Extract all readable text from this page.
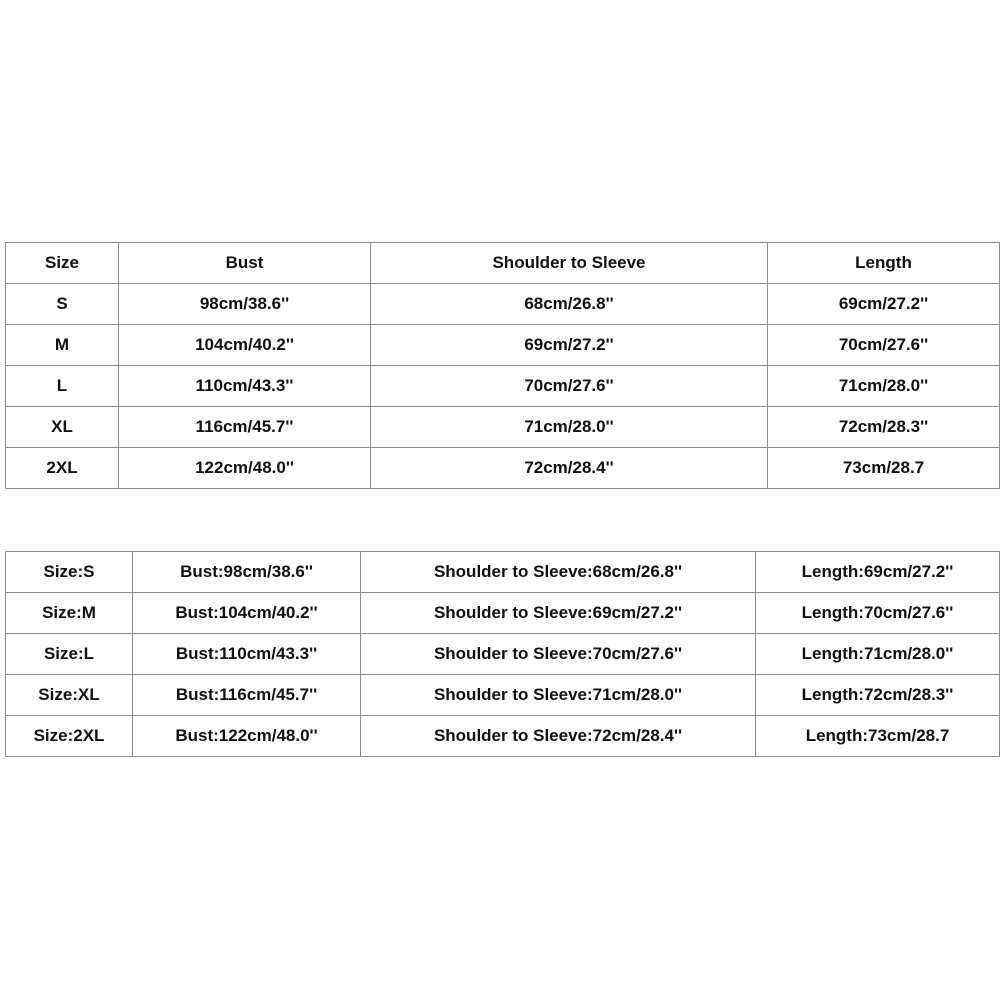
Size	Bust	Shoulder to Sleeve	Length
S	98cm/38.6''	68cm/26.8''	69cm/27.2''
M	104cm/40.2''	69cm/27.2''	70cm/27.6''
L	110cm/43.3''	70cm/27.6''	71cm/28.0''
XL	116cm/45.7''	71cm/28.0''	72cm/28.3''
2XL	122cm/48.0''	72cm/28.4''	73cm/28.7
Size:S	Bust:98cm/38.6''	Shoulder to Sleeve:68cm/26.8''	Length:69cm/27.2''
Size:M	Bust:104cm/40.2''	Shoulder to Sleeve:69cm/27.2''	Length:70cm/27.6''
Size:L	Bust:110cm/43.3''	Shoulder to Sleeve:70cm/27.6''	Length:71cm/28.0''
Size:XL	Bust:116cm/45.7''	Shoulder to Sleeve:71cm/28.0''	Length:72cm/28.3''
Size:2XL	Bust:122cm/48.0''	Shoulder to Sleeve:72cm/28.4''	Length:73cm/28.7
